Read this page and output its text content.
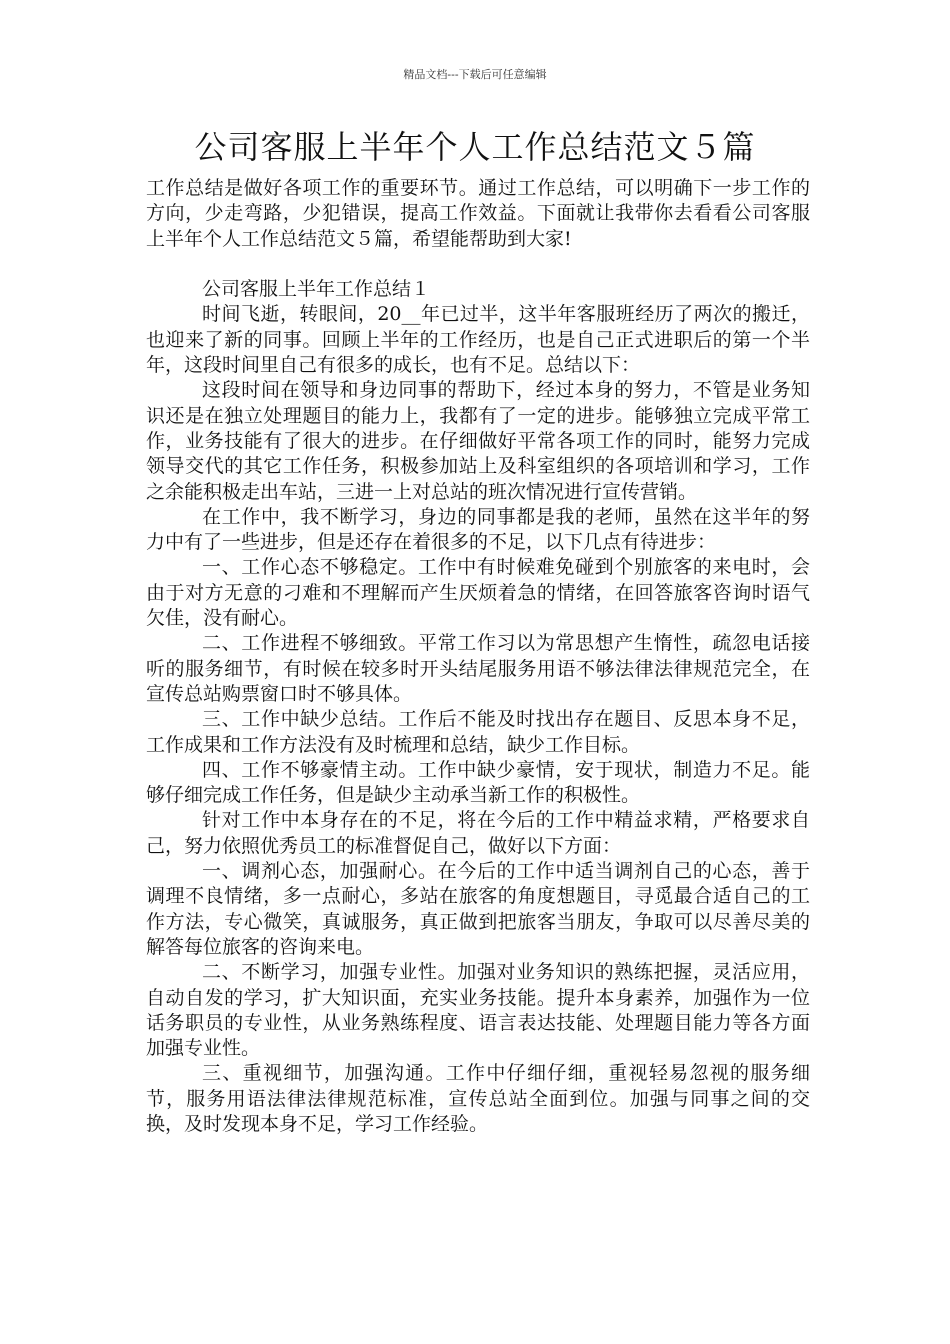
精品文档---下载后可任意编辑
公司客服上半年个人工作总结范文５篇

工作总结是做好各项工作的重要环节。通过工作总结，可以明确下一步工作的方向，少走弯路，少犯错误，提高工作效益。下面就让我带你去看看公司客服上半年个人工作总结范文５篇，希望能帮助到大家!

公司客服上半年工作总结１

时间飞逝，转眼间，20__年已过半，这半年客服班经历了两次的搬迁，也迎来了新的同事。回顾上半年的工作经历，也是自己正式进职后的第一个半年，这段时间里自己有很多的成长，也有不足。总结以下：

这段时间在领导和身边同事的帮助下，经过本身的努力，不管是业务知识还是在独立处理题目的能力上，我都有了一定的进步。能够独立完成平常工作，业务技能有了很大的进步。在仔细做好平常各项工作的同时，能努力完成领导交代的其它工作任务，积极参加站上及科室组织的各项培训和学习，工作之余能积极走出车站，三进一上对总站的班次情况进行宣传营销。

在工作中，我不断学习，身边的同事都是我的老师，虽然在这半年的努力中有了一些进步，但是还存在着很多的不足，以下几点有待进步：

一、工作心态不够稳定。工作中有时候难免碰到个别旅客的来电时，会由于对方无意的刁难和不理解而产生厌烦着急的情绪，在回答旅客咨询时语气欠佳，没有耐心。

二、工作进程不够细致。平常工作习以为常思想产生惰性，疏忽电话接听的服务细节，有时候在较多时开头结尾服务用语不够法律法律规范完全，在宣传总站购票窗口时不够具体。

三、工作中缺少总结。工作后不能及时找出存在题目、反思本身不足，工作成果和工作方法没有及时梳理和总结，缺少工作目标。

四、工作不够豪情主动。工作中缺少豪情，安于现状，制造力不足。能够仔细完成工作任务，但是缺少主动承当新工作的积极性。

针对工作中本身存在的不足，将在今后的工作中精益求精，严格要求自己，努力依照优秀员工的标准督促自己，做好以下方面：

一、调剂心态，加强耐心。在今后的工作中适当调剂自己的心态，善于调理不良情绪，多一点耐心，多站在旅客的角度想题目，寻觅最合适自己的工作方法，专心微笑，真诚服务，真正做到把旅客当朋友，争取可以尽善尽美的解答每位旅客的咨询来电。

二、不断学习，加强专业性。加强对业务知识的熟练把握，灵活应用，自动自发的学习，扩大知识面，充实业务技能。提升本身素养，加强作为一位话务职员的专业性，从业务熟练程度、语言表达技能、处理题目能力等各方面加强专业性。

三、重视细节，加强沟通。工作中仔细仔细，重视轻易忽视的服务细节，服务用语法律法律规范标准，宣传总站全面到位。加强与同事之间的交换，及时发现本身不足，学习工作经验。
